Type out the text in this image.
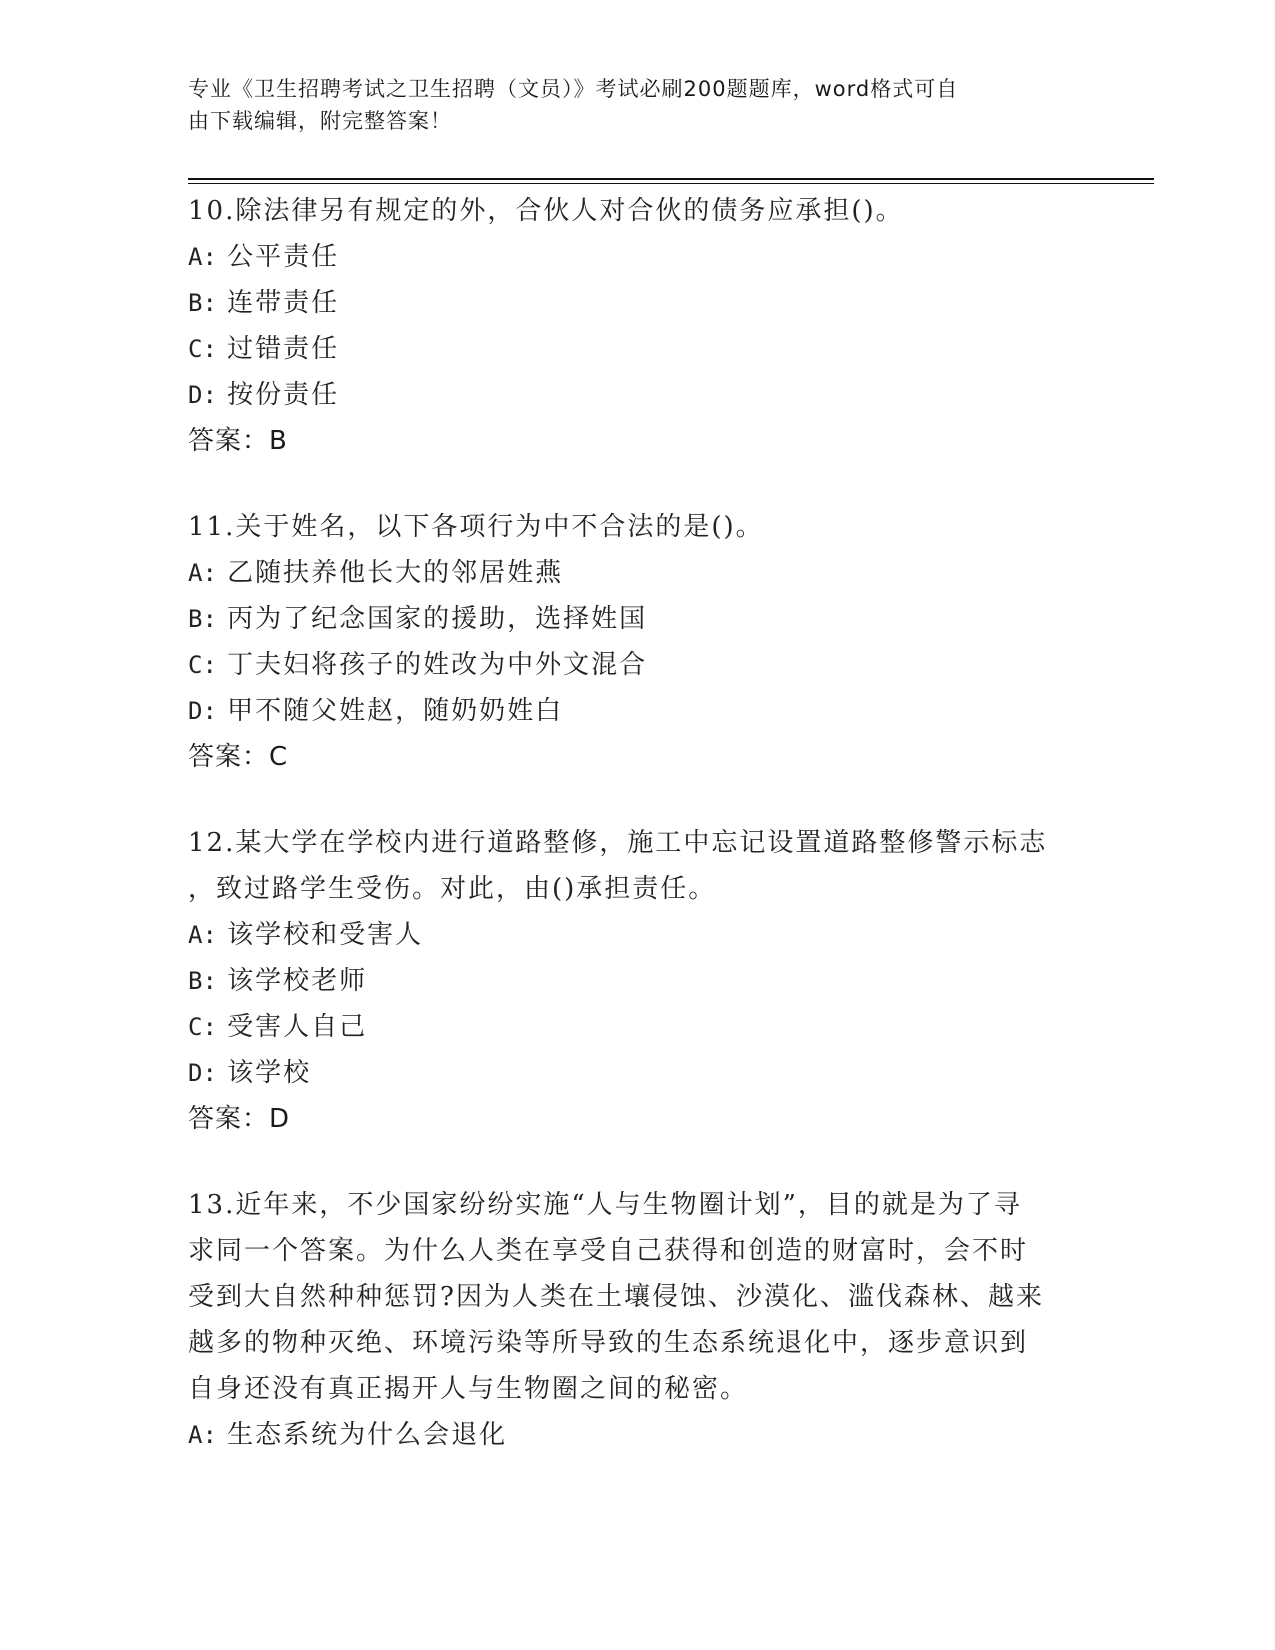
专业《卫生招聘考试之卫生招聘（文员）》考试必刷200题题库，word格式可自
由下载编辑，附完整答案！
10.除法律另有规定的外，合伙人对合伙的债务应承担()。
A: 公平责任
B: 连带责任
C: 过错责任
D: 按份责任
答案：B
11.关于姓名，以下各项行为中不合法的是()。
A: 乙随扶养他长大的邻居姓燕
B: 丙为了纪念国家的援助，选择姓国
C: 丁夫妇将孩子的姓改为中外文混合
D: 甲不随父姓赵，随奶奶姓白
答案：C
12.某大学在学校内进行道路整修，施工中忘记设置道路整修警示标志
，致过路学生受伤。对此，由()承担责任。
A: 该学校和受害人
B: 该学校老师
C: 受害人自己
D: 该学校
答案：D
13.近年来，不少国家纷纷实施“人与生物圈计划”，目的就是为了寻
求同一个答案。为什么人类在享受自己获得和创造的财富时，会不时
受到大自然种种惩罚?因为人类在土壤侵蚀、沙漠化、滥伐森林、越来
越多的物种灭绝、环境污染等所导致的生态系统退化中，逐步意识到
自身还没有真正揭开人与生物圈之间的秘密。
A: 生态系统为什么会退化
